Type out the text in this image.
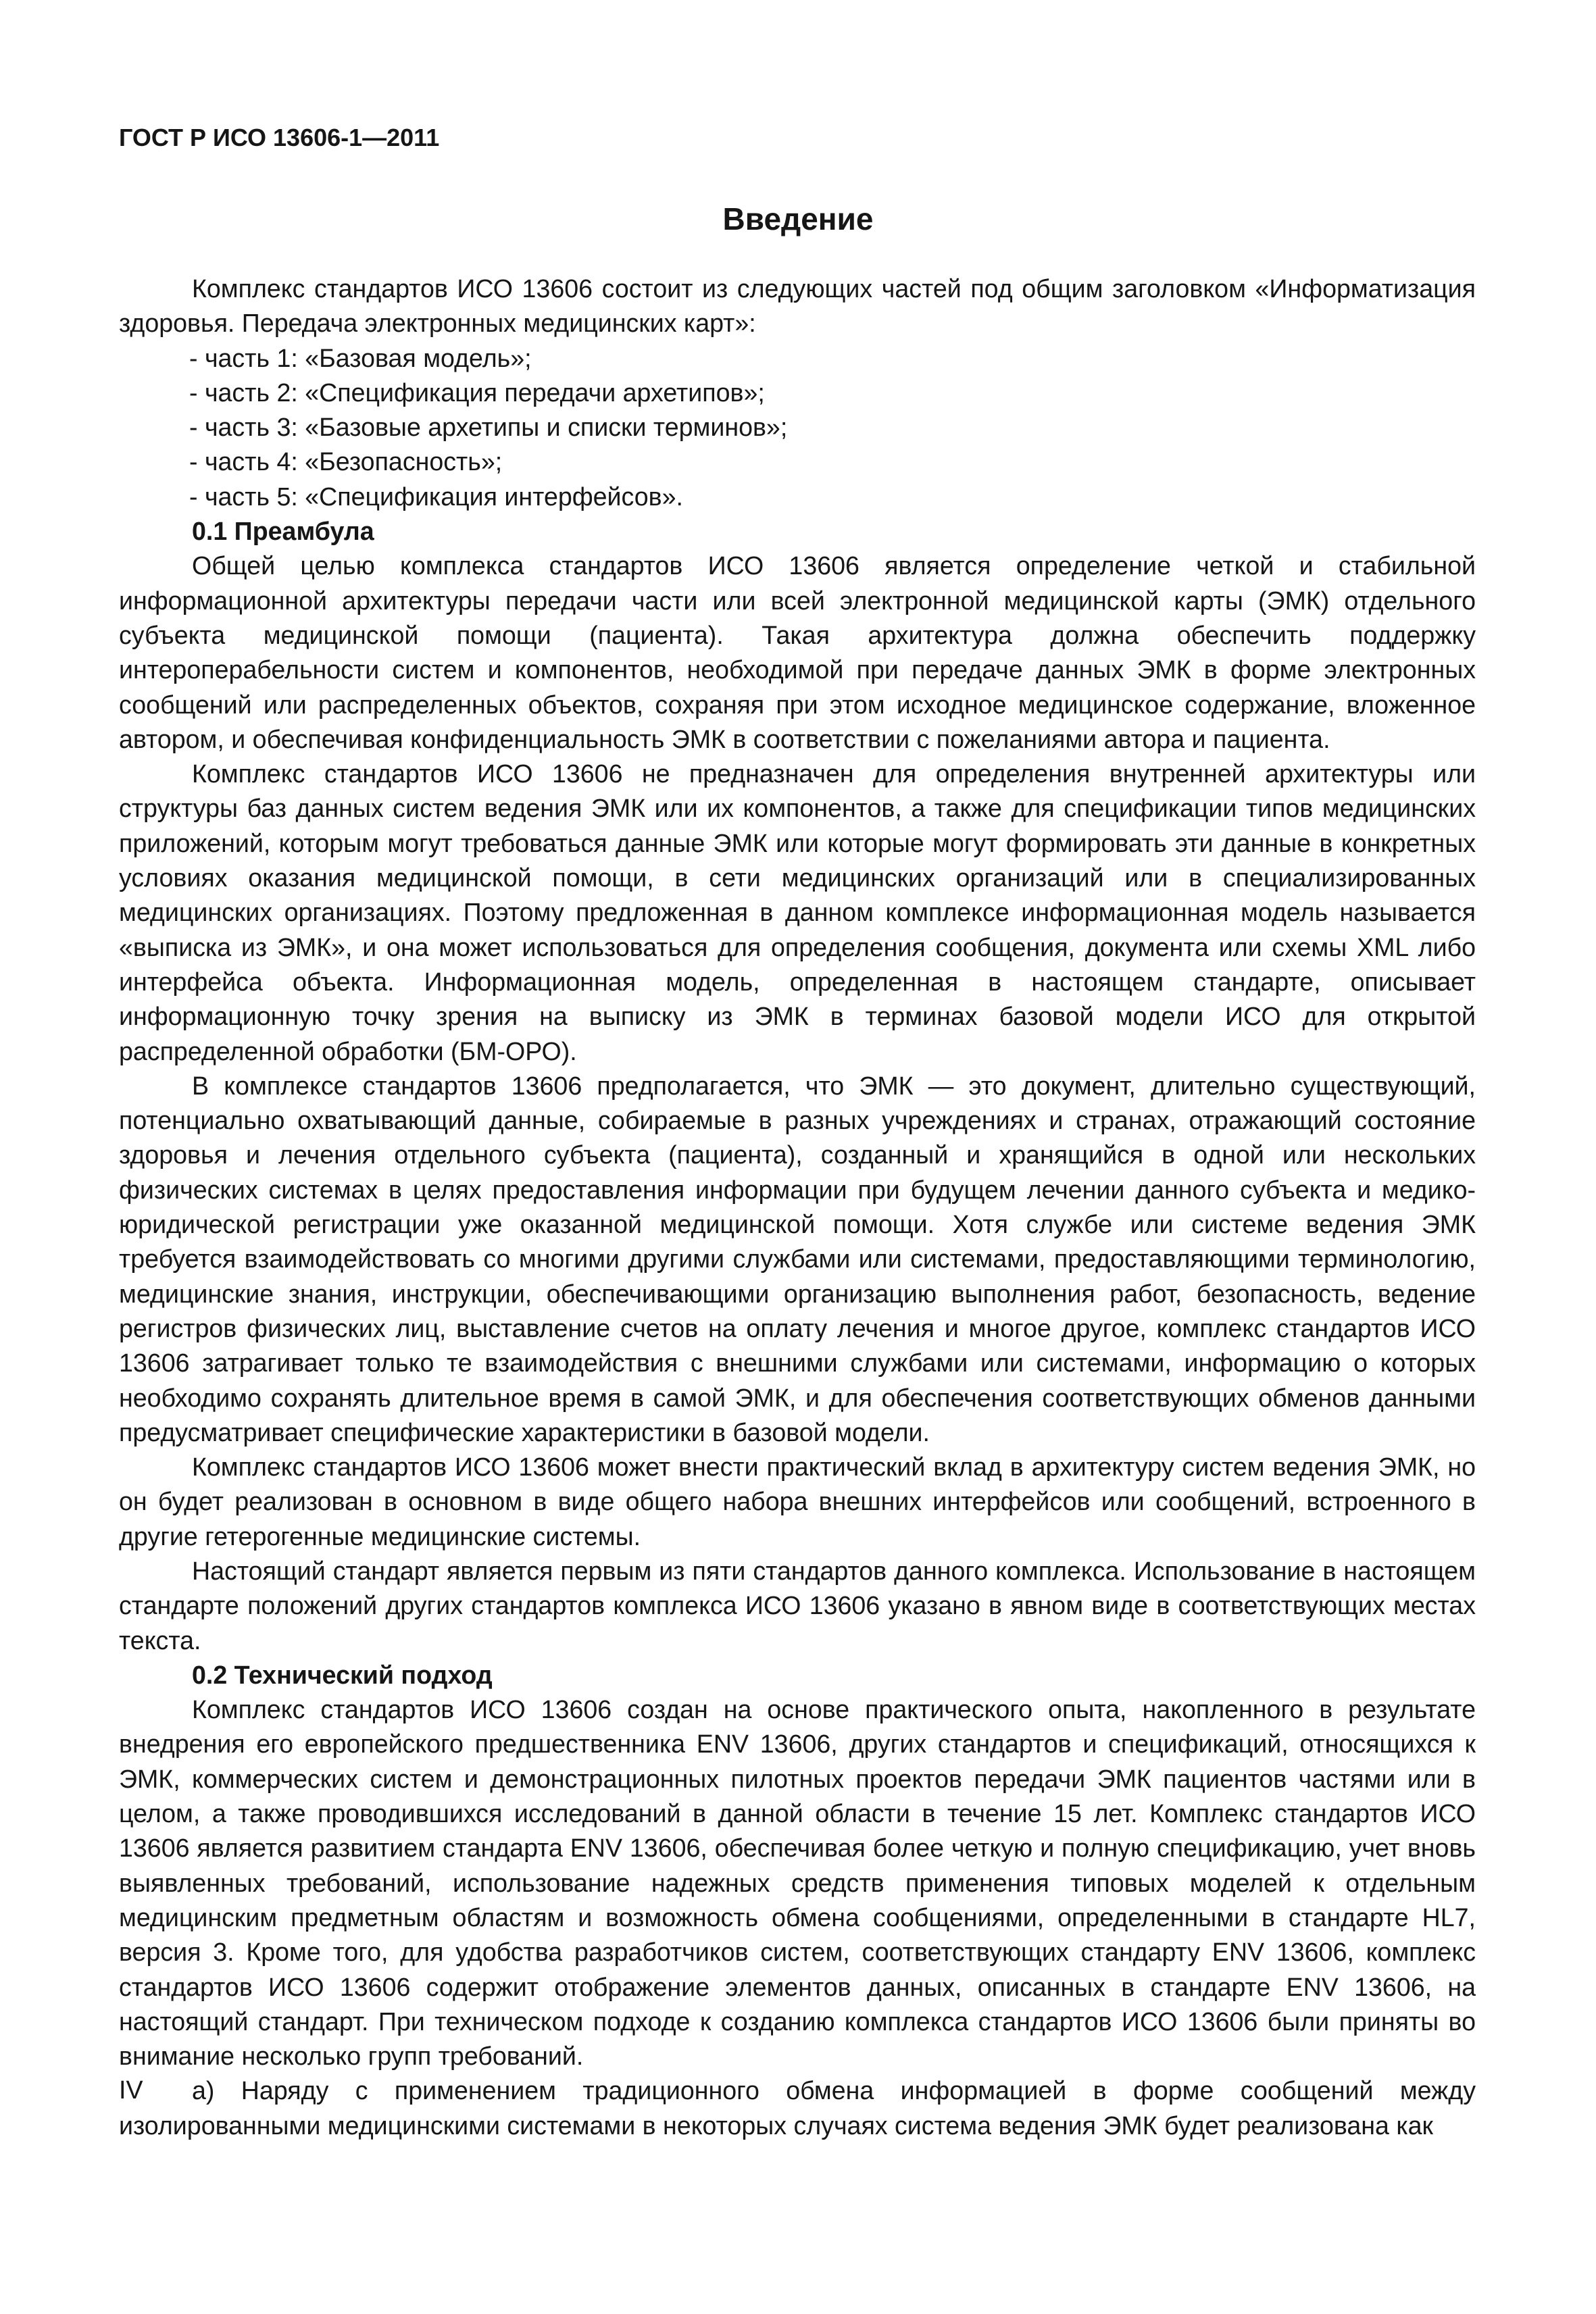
ГОСТ Р ИСО 13606-1—2011
Введение

Комплекс стандартов ИСО 13606 состоит из следующих частей под общим заголовком «Информатизация здоровья. Передача электронных медицинских карт»:

- часть 1: «Базовая модель»;
- часть 2: «Спецификация передачи архетипов»;
- часть 3: «Базовые архетипы и списки терминов»;
- часть 4: «Безопасность»;
- часть 5: «Спецификация интерфейсов».
0.1 Преамбула

Общей целью комплекса стандартов ИСО 13606 является определение четкой и стабильной информационной архитектуры передачи части или всей электронной медицинской карты (ЭМК) отдельного субъекта медицинской помощи (пациента). Такая архитектура должна обеспечить поддержку интероперабельности систем и компонентов, необходимой при передаче данных ЭМК в форме электронных сообщений или распределенных объектов, сохраняя при этом исходное медицинское содержание, вложенное автором, и обеспечивая конфиденциальность ЭМК в соответствии с пожеланиями автора и пациента.

Комплекс стандартов ИСО 13606 не предназначен для определения внутренней архитектуры или структуры баз данных систем ведения ЭМК или их компонентов, а также для спецификации типов медицинских приложений, которым могут требоваться данные ЭМК или которые могут формировать эти данные в конкретных условиях оказания медицинской помощи, в сети медицинских организаций или в специализированных медицинских организациях. Поэтому предложенная в данном комплексе информационная модель называется «выписка из ЭМК», и она может использоваться для определения сообщения, документа или схемы XML либо интерфейса объекта. Информационная модель, определенная в настоящем стандарте, описывает информационную точку зрения на выписку из ЭМК в терминах базовой модели ИСО для открытой распределенной обработки (БМ-ОРО).

В комплексе стандартов 13606 предполагается, что ЭМК — это документ, длительно существующий, потенциально охватывающий данные, собираемые в разных учреждениях и странах, отражающий состояние здоровья и лечения отдельного субъекта (пациента), созданный и хранящийся в одной или нескольких физических системах в целях предоставления информации при будущем лечении данного субъекта и медико-юридической регистрации уже оказанной медицинской помощи. Хотя службе или системе ведения ЭМК требуется взаимодействовать со многими другими службами или системами, предоставляющими терминологию, медицинские знания, инструкции, обеспечивающими организацию выполнения работ, безопасность, ведение регистров физических лиц, выставление счетов на оплату лечения и многое другое, комплекс стандартов ИСО 13606 затрагивает только те взаимодействия с внешними службами или системами, информацию о которых необходимо сохранять длительное время в самой ЭМК, и для обеспечения соответствующих обменов данными предусматривает специфические характеристики в базовой модели.

Комплекс стандартов ИСО 13606 может внести практический вклад в архитектуру систем ведения ЭМК, но он будет реализован в основном в виде общего набора внешних интерфейсов или сообщений, встроенного в другие гетерогенные медицинские системы.

Настоящий стандарт является первым из пяти стандартов данного комплекса. Использование в настоящем стандарте положений других стандартов комплекса ИСО 13606 указано в явном виде в соответствующих местах текста.

0.2 Технический подход

Комплекс стандартов ИСО 13606 создан на основе практического опыта, накопленного в результате внедрения его европейского предшественника ENV 13606, других стандартов и спецификаций, относящихся к ЭМК, коммерческих систем и демонстрационных пилотных проектов передачи ЭМК пациентов частями или в целом, а также проводившихся исследований в данной области в течение 15 лет. Комплекс стандартов ИСО 13606 является развитием стандарта ENV 13606, обеспечивая более четкую и полную спецификацию, учет вновь выявленных требований, использование надежных средств применения типовых моделей к отдельным медицинским предметным областям и возможность обмена сообщениями, определенными в стандарте HL7, версия 3. Кроме того, для удобства разработчиков систем, соответствующих стандарту ENV 13606, комплекс стандартов ИСО 13606 содержит отображение элементов данных, описанных в стандарте ENV 13606, на настоящий стандарт. При техническом подходе к созданию комплекса стандартов ИСО 13606 были приняты во внимание несколько групп требований.

а) Наряду с применением традиционного обмена информацией в форме сообщений между изолированными медицинскими системами в некоторых случаях система ведения ЭМК будет реализована как

IV
